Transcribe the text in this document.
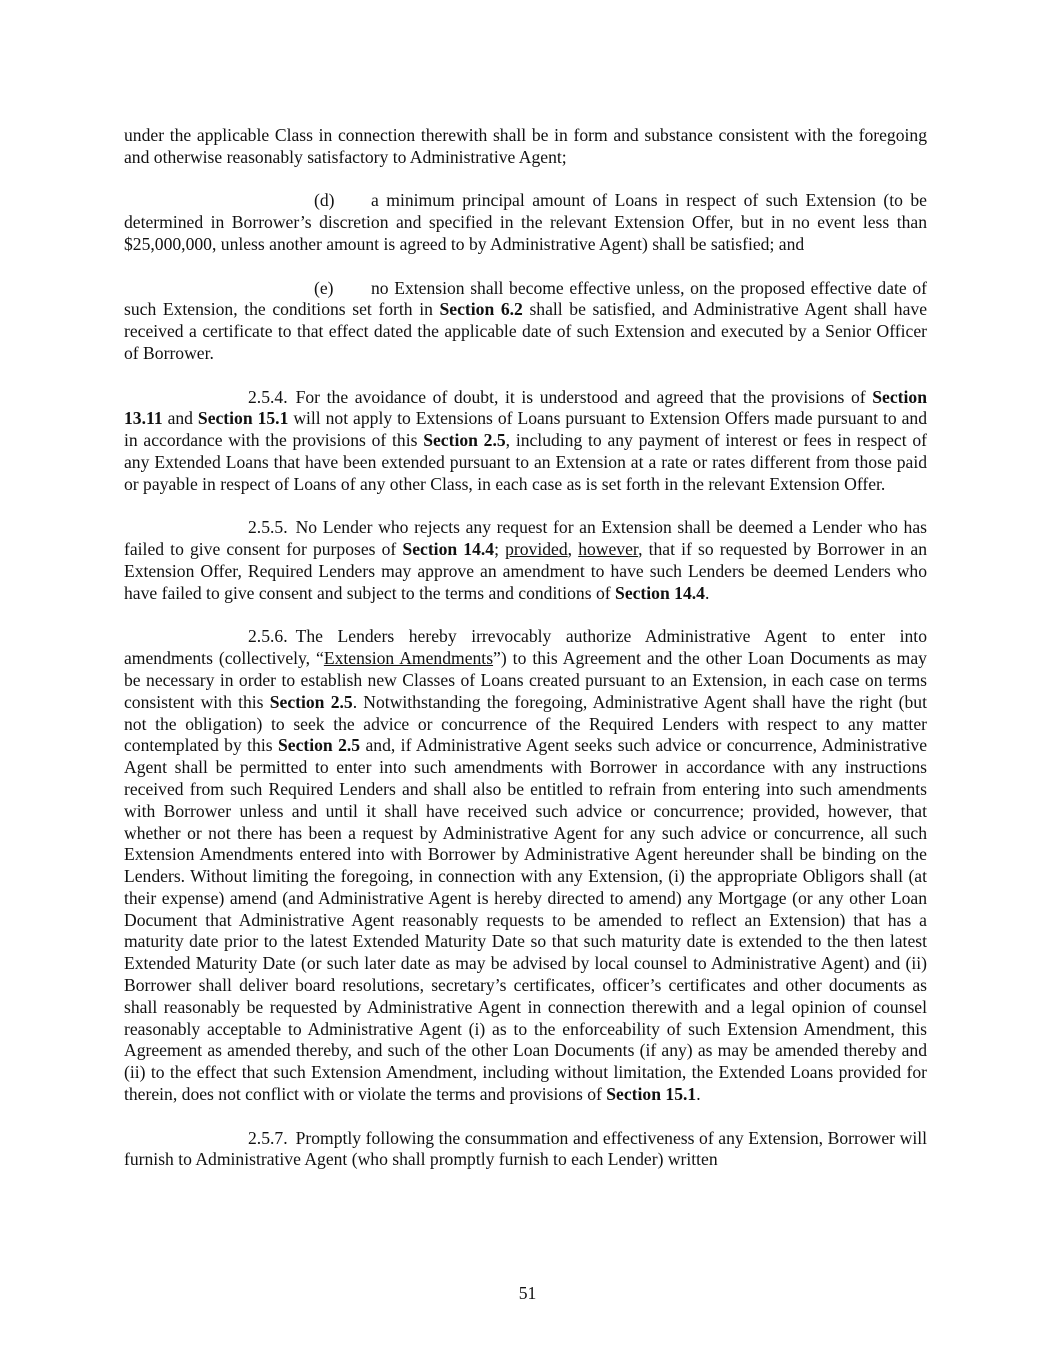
under the applicable Class in connection therewith shall be in form and substance consistent with the foregoing and otherwise reasonably satisfactory to Administrative Agent;

(d) a minimum principal amount of Loans in respect of such Extension (to be determined in Borrower’s discretion and specified in the relevant Extension Offer, but in no event less than $25,000,000, unless another amount is agreed to by Administrative Agent) shall be satisfied; and

(e) no Extension shall become effective unless, on the proposed effective date of such Extension, the conditions set forth in Section 6.2 shall be satisfied, and Administrative Agent shall have received a certificate to that effect dated the applicable date of such Extension and executed by a Senior Officer of Borrower.

2.5.4. For the avoidance of doubt, it is understood and agreed that the provisions of Section 13.11 and Section 15.1 will not apply to Extensions of Loans pursuant to Extension Offers made pursuant to and in accordance with the provisions of this Section 2.5, including to any payment of interest or fees in respect of any Extended Loans that have been extended pursuant to an Extension at a rate or rates different from those paid or payable in respect of Loans of any other Class, in each case as is set forth in the relevant Extension Offer.

2.5.5. No Lender who rejects any request for an Extension shall be deemed a Lender who has failed to give consent for purposes of Section 14.4; provided, however, that if so requested by Borrower in an Extension Offer, Required Lenders may approve an amendment to have such Lenders be deemed Lenders who have failed to give consent and subject to the terms and conditions of Section 14.4.

2.5.6. The Lenders hereby irrevocably authorize Administrative Agent to enter into amendments (collectively, “Extension Amendments”) to this Agreement and the other Loan Documents as may be necessary in order to establish new Classes of Loans created pursuant to an Extension, in each case on terms consistent with this Section 2.5. Notwithstanding the foregoing, Administrative Agent shall have the right (but not the obligation) to seek the advice or concurrence of the Required Lenders with respect to any matter contemplated by this Section 2.5 and, if Administrative Agent seeks such advice or concurrence, Administrative Agent shall be permitted to enter into such amendments with Borrower in accordance with any instructions received from such Required Lenders and shall also be entitled to refrain from entering into such amendments with Borrower unless and until it shall have received such advice or concurrence; provided, however, that whether or not there has been a request by Administrative Agent for any such advice or concurrence, all such Extension Amendments entered into with Borrower by Administrative Agent hereunder shall be binding on the Lenders. Without limiting the foregoing, in connection with any Extension, (i) the appropriate Obligors shall (at their expense) amend (and Administrative Agent is hereby directed to amend) any Mortgage (or any other Loan Document that Administrative Agent reasonably requests to be amended to reflect an Extension) that has a maturity date prior to the latest Extended Maturity Date so that such maturity date is extended to the then latest Extended Maturity Date (or such later date as may be advised by local counsel to Administrative Agent) and (ii) Borrower shall deliver board resolutions, secretary’s certificates, officer’s certificates and other documents as shall reasonably be requested by Administrative Agent in connection therewith and a legal opinion of counsel reasonably acceptable to Administrative Agent (i) as to the enforceability of such Extension Amendment, this Agreement as amended thereby, and such of the other Loan Documents (if any) as may be amended thereby and (ii) to the effect that such Extension Amendment, including without limitation, the Extended Loans provided for therein, does not conflict with or violate the terms and provisions of Section 15.1.

2.5.7. Promptly following the consummation and effectiveness of any Extension, Borrower will furnish to Administrative Agent (who shall promptly furnish to each Lender) written

51
